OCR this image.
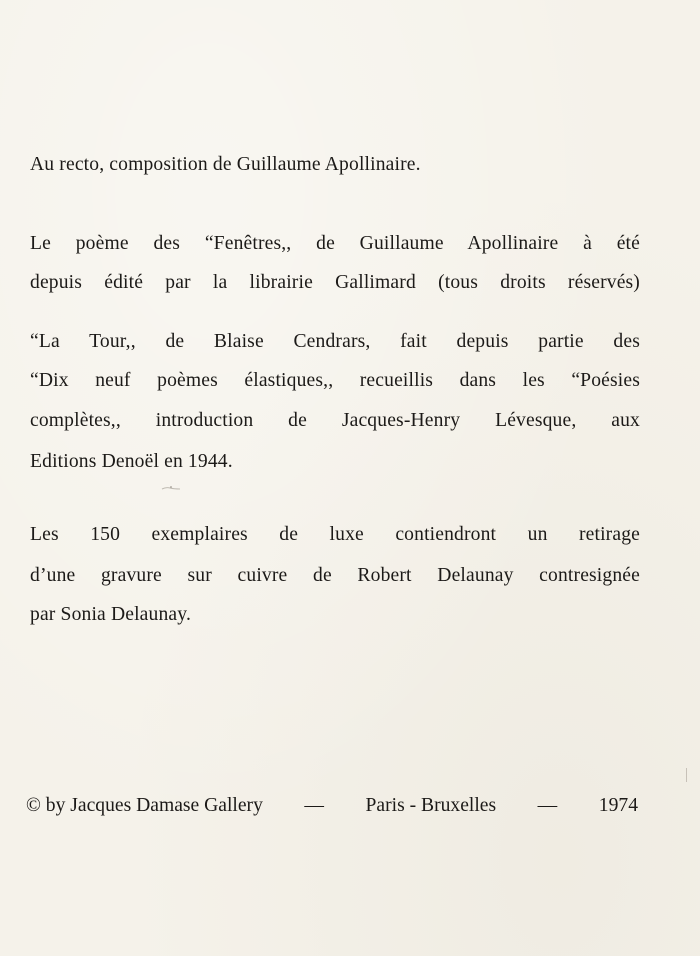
Au recto, composition de Guillaume Apollinaire.
Le poème des “Fenêtres,, de Guillaume Apollinaire à été
depuis édité par la librairie Gallimard (tous droits réservés)
“La Tour,, de Blaise Cendrars, fait depuis partie des
“Dix neuf poèmes élastiques,, recueillis dans les “Poésies
complètes,, introduction de Jacques-Henry Lévesque, aux
Editions Denoël en 1944.
Les 150 exemplaires de luxe contiendront un retirage
d’une gravure sur cuivre de Robert Delaunay contresignée
par Sonia Delaunay.
© by Jacques Damase Gallery — Paris - Bruxelles — 1974
